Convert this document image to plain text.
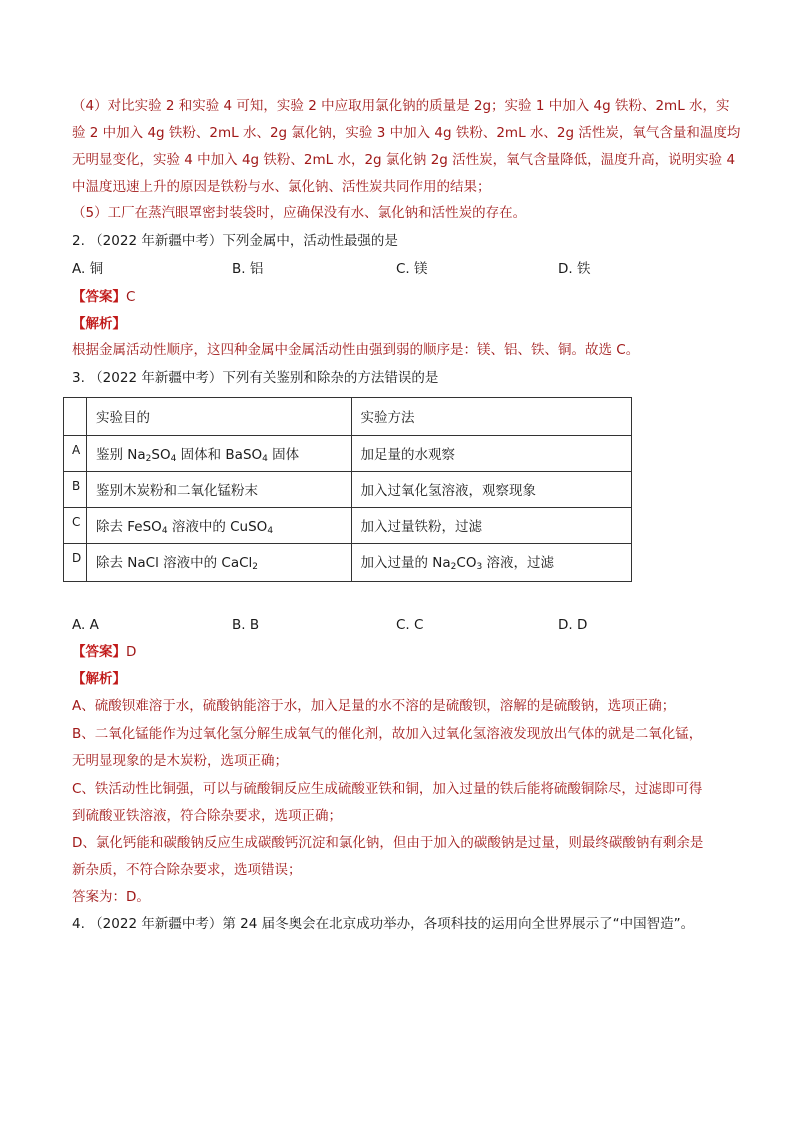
（4）对比实验 2 和实验 4 可知，实验 2 中应取用氯化钠的质量是 2g；实验 1 中加入 4g 铁粉、2mL 水，实
验 2 中加入 4g 铁粉、2mL 水、2g 氯化钠，实验 3 中加入 4g 铁粉、2mL 水、2g 活性炭，氧气含量和温度均
无明显变化，实验 4 中加入 4g 铁粉、2mL 水，2g 氯化钠 2g 活性炭，氧气含量降低，温度升高，说明实验 4
中温度迅速上升的原因是铁粉与水、氯化钠、活性炭共同作用的结果；
（5）工厂在蒸汽眼罩密封装袋时，应确保没有水、氯化钠和活性炭的存在。
2. （2022 年新疆中考）下列金属中，活动性最强的是
A. 铜	B. 铝	C. 镁	D. 铁
【答案】C
【解析】
根据金属活动性顺序，这四种金属中金属活动性由强到弱的顺序是：镁、铝、铁、铜。故选 C。
3. （2022 年新疆中考）下列有关鉴别和除杂的方法错误的是
	实验目的	实验方法
A	鉴别 $Na_2SO_4$ 固体和 BaSO$_4$ 固体	加足量的水观察
B	鉴别木炭粉和二氧化锰粉末	加入过氧化氢溶液，观察现象
C	除去 FeSO$_4$ 溶液中的 CuSO$_4$	加入过量铁粉，过滤
D	除去 NaCl 溶液中的 CaCl$_2$	加入过量的 $Na_2CO_3$ 溶液，过滤
A. A	B. B	C. C	D. D
【答案】D
【解析】
A、硫酸钡难溶于水，硫酸钠能溶于水，加入足量的水不溶的是硫酸钡，溶解的是硫酸钠，选项正确；
B、二氧化锰能作为过氧化氢分解生成氧气的催化剂，故加入过氧化氢溶液发现放出气体的就是二氧化锰，
无明显现象的是木炭粉，选项正确；
C、铁活动性比铜强，可以与硫酸铜反应生成硫酸亚铁和铜，加入过量的铁后能将硫酸铜除尽，过滤即可得
到硫酸亚铁溶液，符合除杂要求，选项正确；
D、氯化钙能和碳酸钠反应生成碳酸钙沉淀和氯化钠，但由于加入的碳酸钠是过量，则最终碳酸钠有剩余是
新杂质，不符合除杂要求，选项错误；
答案为：D。
4. （2022 年新疆中考）第 24 届冬奥会在北京成功举办，各项科技的运用向全世界展示了“中国智造”。
